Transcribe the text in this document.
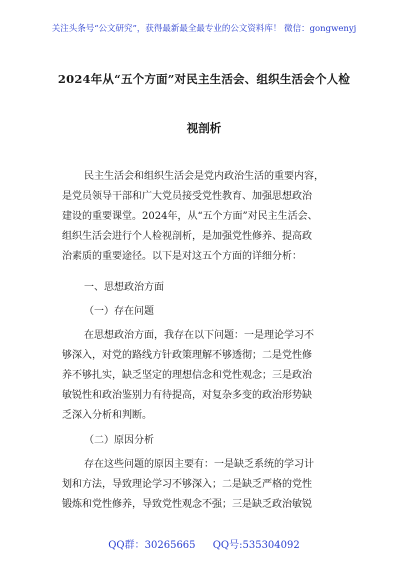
关注头条号“公文研究”，获得最新最全最专业的公文资料库！ 微信：gongwenyj
2024年从“五个方面”对民主生活会、组织生活会个人检
视剖析
民主生活会和组织生活会是党内政治生活的重要内容，
是党员领导干部和广大党员接受党性教育、加强思想政治
建设的重要课堂。2024年，从“五个方面”对民主生活会、
组织生活会进行个人检视剖析，是加强党性修养、提高政
治素质的重要途径。以下是对这五个方面的详细分析：
一、思想政治方面
（一）存在问题
在思想政治方面，我存在以下问题：一是理论学习不
够深入，对党的路线方针政策理解不够透彻；二是党性修
养不够扎实，缺乏坚定的理想信念和党性观念；三是政治
敏锐性和政治鉴别力有待提高，对复杂多变的政治形势缺
乏深入分析和判断。
（二）原因分析
存在这些问题的原因主要有：一是缺乏系统的学习计
划和方法，导致理论学习不够深入；二是缺乏严格的党性
锻炼和党性修养，导致党性观念不强；三是缺乏政治敏锐
QQ群：30265665 QQ号:535304092
